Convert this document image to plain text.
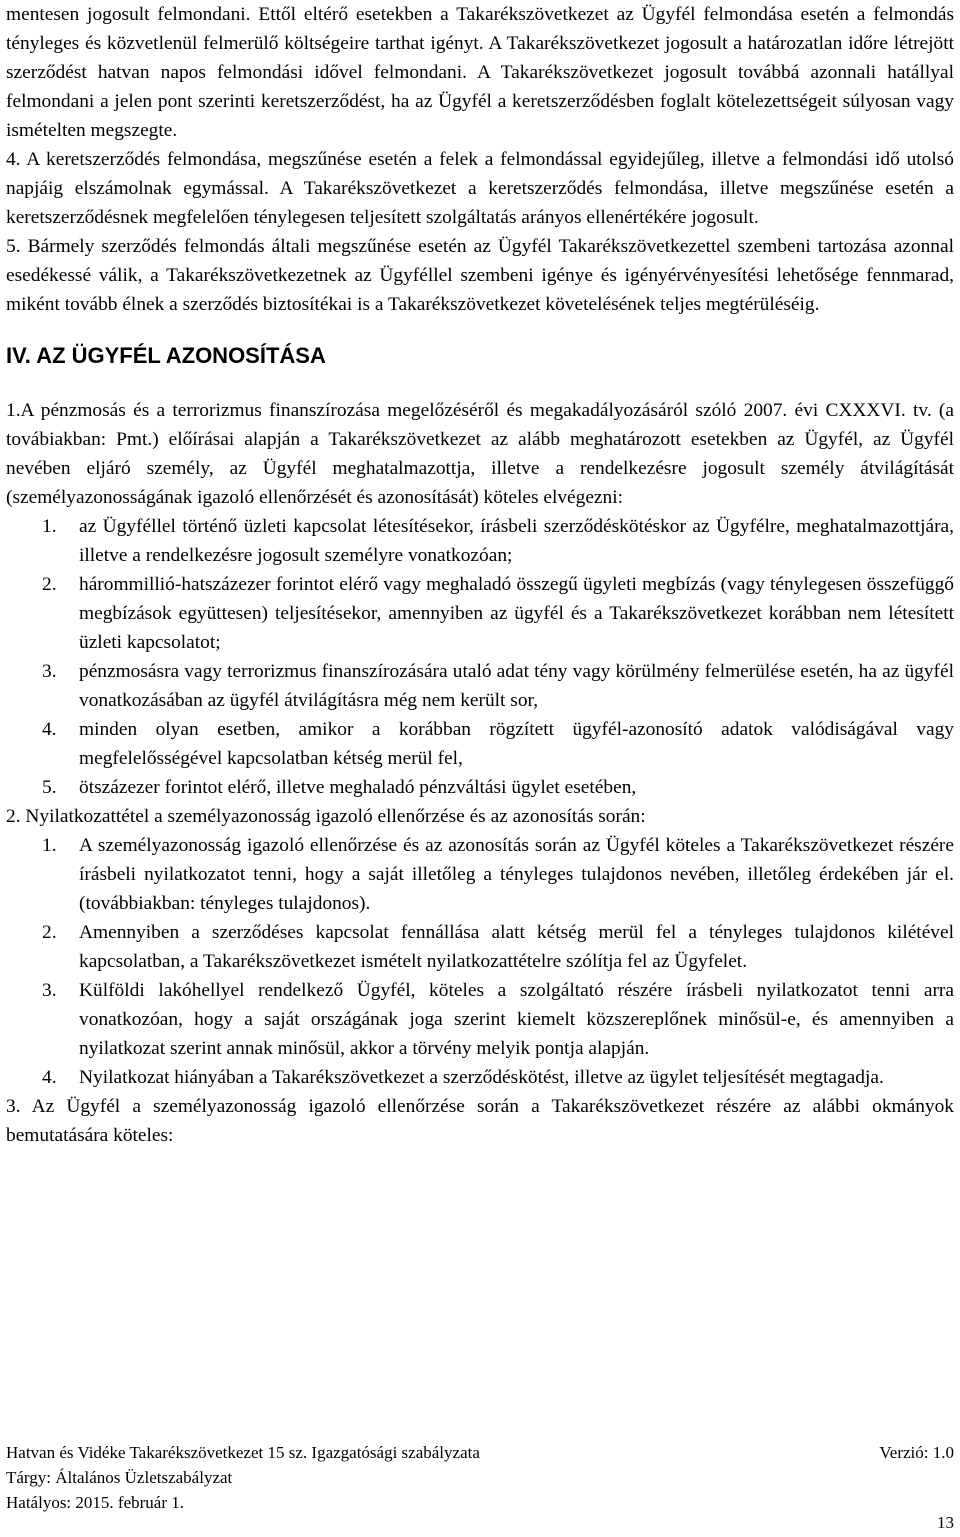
mentesen jogosult felmondani. Ettől eltérő esetekben a Takarékszövetkezet az Ügyfél felmondása esetén a felmondás tényleges és közvetlenül felmerülő költségeire tarthat igényt. A Takarékszövetkezet jogosult a határozatlan időre létrejött szerződést hatvan napos felmondási idővel felmondani. A Takarékszövetkezet jogosult továbbá azonnali hatállyal felmondani a jelen pont szerinti keretszerződést, ha az Ügyfél a keretszerződésben foglalt kötelezettségeit súlyosan vagy ismételten megszegte.

4. A keretszerződés felmondása, megszűnése esetén a felek a felmondással egyidejűleg, illetve a felmondási idő utolsó napjáig elszámolnak egymással. A Takarékszövetkezet a keretszerződés felmondása, illetve megszűnése esetén a keretszerződésnek megfelelően ténylegesen teljesített szolgáltatás arányos ellenértékére jogosult.

5. Bármely szerződés felmondás általi megszűnése esetén az Ügyfél Takarékszövetkezettel szembeni tartozása azonnal esedékessé válik, a Takarékszövetkezetnek az Ügyféllel szembeni igénye és igényérvényesítési lehetősége fennmarad, miként tovább élnek a szerződés biztosítékai is a Takarékszövetkezet követelésének teljes megtérüléséig.

IV. AZ ÜGYFÉL AZONOSÍTÁSA

1.A pénzmosás és a terrorizmus finanszírozása megelőzéséről és megakadályozásáról szóló 2007. évi CXXXVI. tv. (a továbiakban: Pmt.) előírásai alapján a Takarékszövetkezet az alább meghatározott esetekben az Ügyfél, az Ügyfél nevében eljáró személy, az Ügyfél meghatalmazottja, illetve a rendelkezésre jogosult személy átvilágítását (személyazonosságának igazoló ellenőrzését és azonosítását) köteles elvégezni:

1.	az Ügyféllel történő üzleti kapcsolat létesítésekor, írásbeli szerződéskötéskor az Ügyfélre, meghatalmazottjára, illetve a rendelkezésre jogosult személyre vonatkozóan;
2.	hárommillió-hatszázezer forintot elérő vagy meghaladó összegű ügyleti megbízás (vagy ténylegesen összefüggő megbízások együttesen) teljesítésekor, amennyiben az ügyfél és a Takarékszövetkezet korábban nem létesített üzleti kapcsolatot;
3.	pénzmosásra vagy terrorizmus finanszírozására utaló adat tény vagy körülmény felmerülése esetén, ha az ügyfél vonatkozásában az ügyfél átvilágításra még nem került sor,
4.	minden olyan esetben, amikor a korábban rögzített ügyfél-azonosító adatok valódiságával vagy megfelelősségével kapcsolatban kétség merül fel,
5.	ötszázezer forintot elérő, illetve meghaladó pénzváltási ügylet esetében,

2. Nyilatkozattétel a személyazonosság igazoló ellenőrzése és az azonosítás során:

1.	A személyazonosság igazoló ellenőrzése és az azonosítás során az Ügyfél köteles a Takarékszövetkezet részére írásbeli nyilatkozatot tenni, hogy a saját illetőleg a tényleges tulajdonos nevében, illetőleg érdekében jár el.(továbbiakban: tényleges tulajdonos).
2.	Amennyiben a szerződéses kapcsolat fennállása alatt kétség merül fel a tényleges tulajdonos kilétével kapcsolatban, a Takarékszövetkezet ismételt nyilatkozattételre szólítja fel az Ügyfelet.
3.	Külföldi lakóhellyel rendelkező Ügyfél, köteles a szolgáltató részére írásbeli nyilatkozatot tenni arra vonatkozóan, hogy a saját országának joga szerint kiemelt közszereplőnek minősül-e, és amennyiben a nyilatkozat szerint annak minősül, akkor a törvény melyik pontja alapján.
4.	Nyilatkozat hiányában a Takarékszövetkezet a szerződéskötést, illetve az ügylet teljesítését megtagadja.

3. Az Ügyfél a személyazonosság igazoló ellenőrzése során a Takarékszövetkezet részére az alábbi okmányok bemutatására köteles:

Hatvan és Vidéke Takarékszövetkezet 15 sz. Igazgatósági szabályzata	Verzió: 1.0
Tárgy: Általános Üzletszabályzat
Hatályos: 2015. február 1.
13
